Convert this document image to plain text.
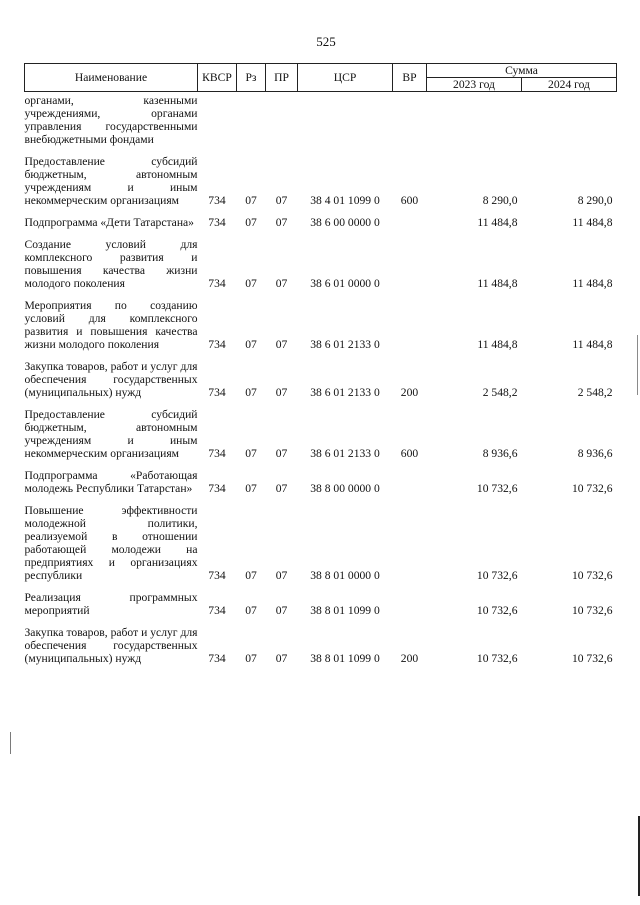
525
Наименование	КВСР	Рз	ПР	ЦСР	ВР	Сумма	
						2023 год	2024 год
органами, казенными учреждениями, органами управления государственными внебюджетными фондами							
Предоставление субсидий бюджетным, автономным учреждениям и иным некоммерческим организациям	734	07	07	38 4 01 1099 0	600	8 290,0	8 290,0
Подпрограмма «Дети Татарстана»	734	07	07	38 6 00 0000 0		11 484,8	11 484,8
Создание условий для комплексного развития и повышения качества жизни молодого поколения	734	07	07	38 6 01 0000 0		11 484,8	11 484,8
Мероприятия по созданию условий для комплексного развития и повышения качества жизни молодого поколения	734	07	07	38 6 01 2133 0		11 484,8	11 484,8
Закупка товаров, работ и услуг для обеспечения государственных (муниципальных) нужд	734	07	07	38 6 01 2133 0	200	2 548,2	2 548,2
Предоставление субсидий бюджетным, автономным учреждениям и иным некоммерческим организациям	734	07	07	38 6 01 2133 0	600	8 936,6	8 936,6
Подпрограмма «Работающая молодежь Республики Татарстан»	734	07	07	38 8 00 0000 0		10 732,6	10 732,6
Повышение эффективности молодежной политики, реализуемой в отношении работающей молодежи на предприятиях и организациях республики	734	07	07	38 8 01 0000 0		10 732,6	10 732,6
Реализация программных мероприятий	734	07	07	38 8 01 1099 0		10 732,6	10 732,6
Закупка товаров, работ и услуг для обеспечения государственных (муниципальных) нужд	734	07	07	38 8 01 1099 0	200	10 732,6	10 732,6
